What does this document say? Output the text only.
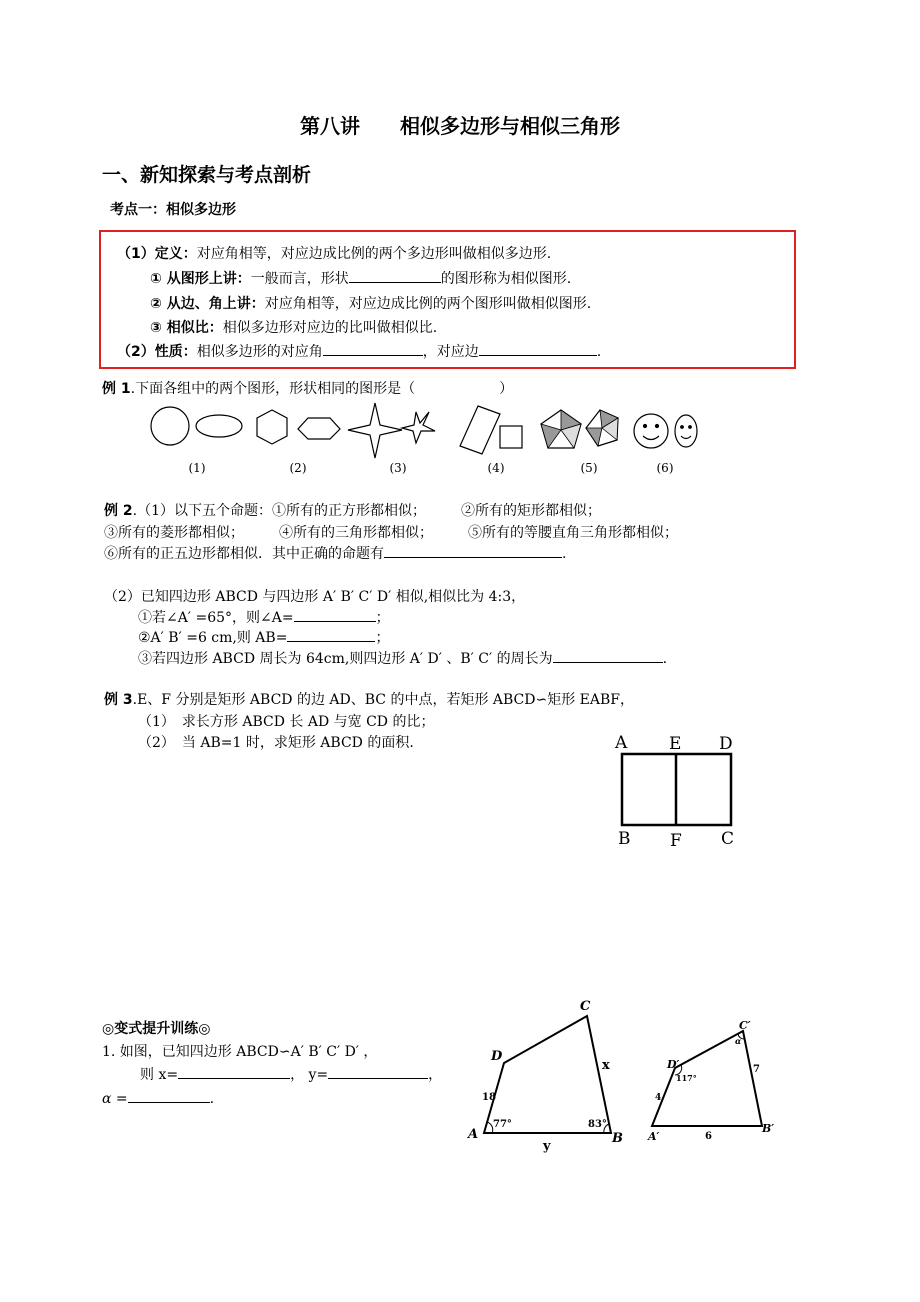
第八讲　　相似多边形与相似三角形
一、新知探索与考点剖析
考点一：相似多边形
（1）定义：对应角相等，对应边成比例的两个多边形叫做相似多边形.
① 从图形上讲：一般而言，形状	的图形称为相似图形.
② 从边、角上讲：对应角相等，对应边成比例的两个图形叫做相似图形.
③ 相似比：相似多边形对应边的比叫做相似比.
（2）性质：相似多边形的对应角	，对应边	.
例 1.下面各组中的两个图形，形状相同的图形是（　　　　　　）
(1)	(2)	(3)	(4)	(5)	(6)
例 2.（1）以下五个命题：①所有的正方形都相似；　　　②所有的矩形都相似；
③所有的菱形都相似；　　　④所有的三角形都相似；　　　⑤所有的等腰直角三角形都相似；
⑥所有的正五边形都相似．其中正确的命题有	.
（2）已知四边形 ABCD 与四边形 A′ B′ C′ D′ 相似,相似比为 4:3，
①若∠A′ =65°，则∠A=	；
②A′ B′ =6 cm,则 AB=	；
③若四边形 ABCD 周长为 64cm,则四边形 A′ D′ 、B′ C′ 的周长为	.
例 3.E、F 分别是矩形 ABCD 的边 AD、BC 的中点，若矩形 ABCD∽矩形 EABF，
（1）　求长方形 ABCD 长 AD 与宽 CD 的比；
（2）　当 AB=1 时，求矩形 ABCD 的面积.	A E D
B F C
◎变式提升训练◎
1. 如图，已知四边形 ABCD∽A′ B′ C′ D′ ，
则 x=	， y=	，
α =	.
A	B
C
D
x
y
18
77°	83°
A′
B′
C′
D′
4
6
7
117°
α
